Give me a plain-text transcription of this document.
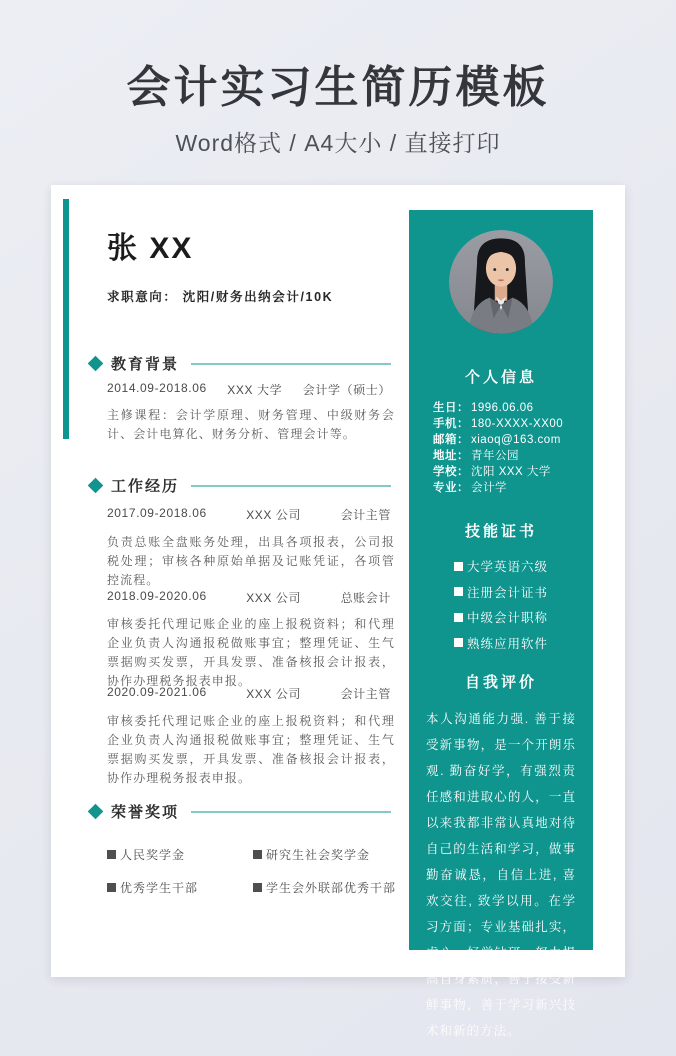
会计实习生简历模板
Word格式 / A4大小 / 直接打印
张 XX
求职意向： 沈阳/财务出纳会计/10K
教育背景
2014.09-2018.06 XXX 大学 会计学（硕士）
主修课程：会计学原理、财务管理、中级财务会计、会计电算化、财务分析、管理会计等。
工作经历
2017.09-2018.06	XXX 公司	会计主管
负责总账全盘账务处理，出具各项报表，公司报税处理；审核各种原始单据及记账凭证，各项管控流程。
2018.09-2020.06	XXX 公司	总账会计
审核委托代理记账企业的座上报税资料；和代理企业负责人沟通报税做账事宜；整理凭证、生气票据购买发票，开具发票、准备核报会计报表，协作办理税务报表申报。
2020.09-2021.06	XXX 公司	会计主管
审核委托代理记账企业的座上报税资料；和代理企业负责人沟通报税做账事宜；整理凭证、生气票据购买发票，开具发票、准备核报会计报表，协作办理税务报表申报。
荣誉奖项
人民奖学金	研究生社会奖学金
优秀学生干部	学生会外联部优秀干部
个人信息
生日： 1996.06.06
手机： 180-XXXX-XX00
邮箱： xiaoq@163.com
地址： 青年公园
学校： 沈阳 XXX 大学
专业： 会计学
技能证书
大学英语六级
注册会计证书
中级会计职称
熟练应用软件
自我评价
本人沟通能力强. 善于接受新事物，是一个开朗乐观. 勤奋好学，有强烈责任感和进取心的人，一直以来我都非常认真地对待自己的生活和学习，做事勤奋诚恳，自信上进, 喜欢交往, 致学以用。在学习方面；专业基础扎实，虚心，好学钻研，努力提高自身素质，善于接受新鲜事物，善于学习新兴技术和新的方法。
